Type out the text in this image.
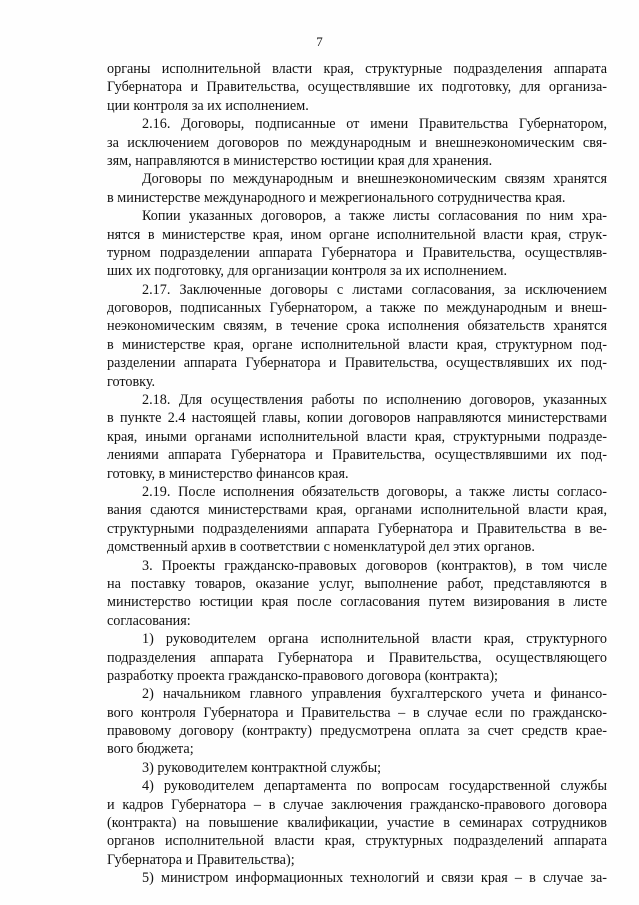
7
органы исполнительной власти края, структурные подразделения аппарата
Губернатора и Правительства, осуществлявшие их подготовку, для организа-
ции контроля за их исполнением.
2.16. Договоры, подписанные от имени Правительства Губернатором,
за исключением договоров по международным и внешнеэкономическим свя-
зям, направляются в министерство юстиции края для хранения.
Договоры по международным и внешнеэкономическим связям хранятся
в министерстве международного и межрегионального сотрудничества края.
Копии указанных договоров, а также листы согласования по ним хра-
нятся в министерстве края, ином органе исполнительной власти края, струк-
турном подразделении аппарата Губернатора и Правительства, осуществляв-
ших их подготовку, для организации контроля за их исполнением.
2.17. Заключенные договоры с листами согласования, за исключением
договоров, подписанных Губернатором, а также по международным и внеш-
неэкономическим связям, в течение срока исполнения обязательств хранятся
в министерстве края, органе исполнительной власти края, структурном под-
разделении аппарата Губернатора и Правительства, осуществлявших их под-
готовку.
2.18. Для осуществления работы по исполнению договоров, указанных
в пункте 2.4 настоящей главы, копии договоров направляются министерствами
края, иными органами исполнительной власти края, структурными подразде-
лениями аппарата Губернатора и Правительства, осуществлявшими их под-
готовку, в министерство финансов края.
2.19. После исполнения обязательств договоры, а также листы согласо-
вания сдаются министерствами края, органами исполнительной власти края,
структурными подразделениями аппарата Губернатора и Правительства в ве-
домственный архив в соответствии с номенклатурой дел этих органов.
3. Проекты гражданско-правовых договоров (контрактов), в том числе
на поставку товаров, оказание услуг, выполнение работ, представляются в
министерство юстиции края после согласования путем визирования в листе
согласования:
1) руководителем органа исполнительной власти края, структурного
подразделения аппарата Губернатора и Правительства, осуществляющего
разработку проекта гражданско-правового договора (контракта);
2) начальником главного управления бухгалтерского учета и финансо-
вого контроля Губернатора и Правительства – в случае если по гражданско-
правовому договору (контракту) предусмотрена оплата за счет средств крае-
вого бюджета;
3) руководителем контрактной службы;
4) руководителем департамента по вопросам государственной службы
и кадров Губернатора – в случае заключения гражданско-правового договора
(контракта) на повышение квалификации, участие в семинарах сотрудников
органов исполнительной власти края, структурных подразделений аппарата
Губернатора и Правительства);
5) министром информационных технологий и связи края – в случае за-
